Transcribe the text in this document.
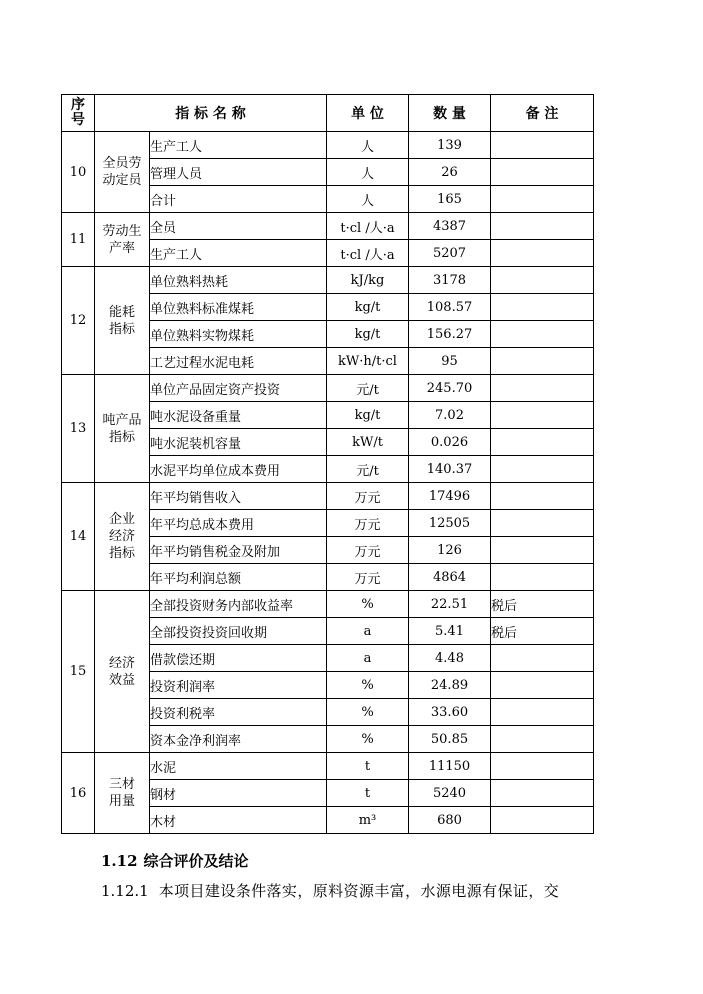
序号	指 标 名 称		单 位	数 量	备 注
10	全员劳动定员	生产工人	人	139	
		管理人员	人	26	
		合计	人	165	
11	劳动生产率	全员	t·cl /人·a	4387	
		生产工人	t·cl /人·a	5207	
12	能耗指标	单位熟料热耗	kJ/kg	3178	
		单位熟料标准煤耗	kg/t	108.57	
		单位熟料实物煤耗	kg/t	156.27	
		工艺过程水泥电耗	kW·h/t·cl	95	
13	吨产品指标	单位产品固定资产投资	元/t	245.70	
		吨水泥设备重量	kg/t	7.02	
		吨水泥装机容量	kW/t	0.026	
		水泥平均单位成本费用	元/t	140.37	
14	企业经济指标	年平均销售收入	万元	17496	
		年平均总成本费用	万元	12505	
		年平均销售税金及附加	万元	126	
		年平均利润总额	万元	4864	
15	经济效益	全部投资财务内部收益率	%	22.51	税后
		全部投资投资回收期	a	5.41	税后
		借款偿还期	a	4.48	
		投资利润率	%	24.89	
		投资利税率	%	33.60	
		资本金净利润率	%	50.85	
16	三材用量	水泥	t	11150	
		钢材	t	5240	
		木材	m³	680	
1.12 综合评价及结论
1.12.1 本项目建设条件落实，原料资源丰富，水源电源有保证，交
